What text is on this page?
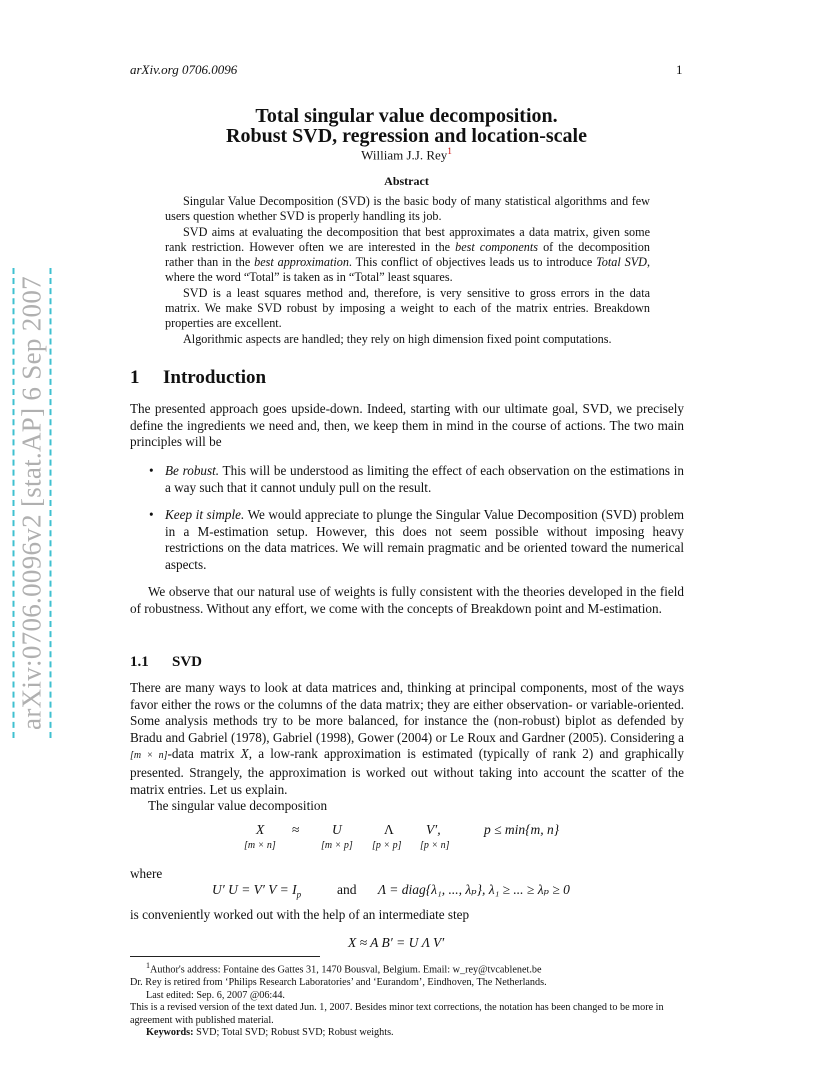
arXiv.org 0706.0096	1
arXiv:0706.0096v2 [stat.AP] 6 Sep 2007
Total singular value decomposition.
Robust SVD, regression and location-scale
William J.J. Rey$^1$
Abstract

Singular Value Decomposition (SVD) is the basic body of many statistical algorithms and few users question whether SVD is properly handling its job.

SVD aims at evaluating the decomposition that best approximates a data matrix, given some rank restriction. However often we are interested in the best components of the decomposition rather than in the best approximation. This conflict of objectives leads us to introduce Total SVD, where the word “Total” is taken as in “Total” least squares.

SVD is a least squares method and, therefore, is very sensitive to gross errors in the data matrix. We make SVD robust by imposing a weight to each of the matrix entries. Breakdown properties are excellent.

Algorithmic aspects are handled; they rely on high dimension fixed point computations.

1 Introduction

The presented approach goes upside-down. Indeed, starting with our ultimate goal, SVD, we precisely define the ingredients we need and, then, we keep them in mind in the course of actions. The two main principles will be

• Be robust. This will be understood as limiting the effect of each observation on the estimations in a way such that it cannot unduly pull on the result.
• Keep it simple. We would appreciate to plunge the Singular Value Decomposition (SVD) problem in a M-estimation setup. However, this does not seem possible without imposing heavy restrictions on the data matrices. We will remain pragmatic and be oriented toward the numerical aspects.

We observe that our natural use of weights is fully consistent with the theories developed in the field of robustness. Without any effort, we come with the concepts of Breakdown point and M-estimation.

1.1 SVD

There are many ways to look at data matrices and, thinking at principal components, most of the ways favor either the rows or the columns of the data matrix; they are either observation- or variable-oriented. Some analysis methods try to be more balanced, for instance the (non-robust) biplot as defended by Bradu and Gabriel (1978), Gabriel (1998), Gower (2004) or Le Roux and Gardner (2005). Considering a [m × n]-data matrix X, a low-rank approximation is estimated (typically of rank 2) and graphically presented. Strangely, the approximation is worked out without taking into account the scatter of the matrix entries. Let us explain.

The singular value decomposition

X ≈ U	Λ V′,	p ≤ min{m, n}
[m × n]	[m × p] [p × p] [p × n]
where
U′ U = V′ $V = I_p$	and Λ = diag{λ₁, ..., λₚ}, λ₁ ≥ ... ≥ λₚ ≥ 0
is conveniently worked out with the help of an intermediate step
X ≈ A B′ = U Λ V′

$^1$Author's address: Fontaine des Gattes 31, 1470 Bousval, Belgium. Email: w_rey@tvcablenet.be

Dr. Rey is retired from ‘Philips Research Laboratories’ and ‘Eurandom’, Eindhoven, The Netherlands.

Last edited: Sep. 6, 2007 @06:44.

This is a revised version of the text dated Jun. 1, 2007. Besides minor text corrections, the notation has been changed to be more in agreement with published material.

Keywords: SVD; Total SVD; Robust SVD; Robust weights.
